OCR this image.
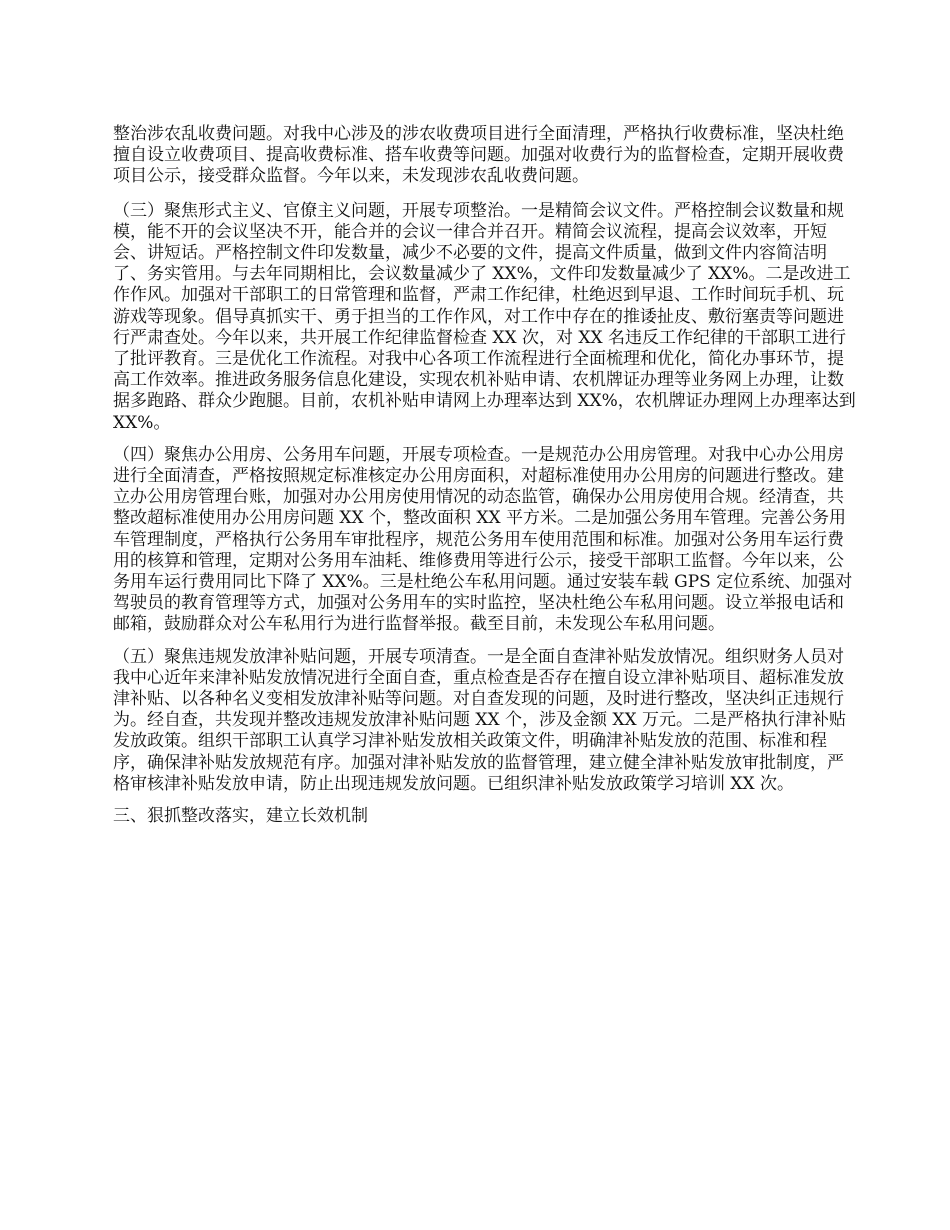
整治涉农乱收费问题。对我中心涉及的涉农收费项目进行全面清理，严格执行收费标准，坚决杜绝擅自设立收费项目、提高收费标准、搭车收费等问题。加强对收费行为的监督检查，定期开展收费项目公示，接受群众监督。今年以来，未发现涉农乱收费问题。

（三）聚焦形式主义、官僚主义问题，开展专项整治。一是精简会议文件。严格控制会议数量和规模，能不开的会议坚决不开，能合并的会议一律合并召开。精简会议流程，提高会议效率，开短会、讲短话。严格控制文件印发数量，减少不必要的文件，提高文件质量，做到文件内容简洁明了、务实管用。与去年同期相比，会议数量减少了 XX%，文件印发数量减少了 XX%。二是改进工作作风。加强对干部职工的日常管理和监督，严肃工作纪律，杜绝迟到早退、工作时间玩手机、玩游戏等现象。倡导真抓实干、勇于担当的工作作风，对工作中存在的推诿扯皮、敷衍塞责等问题进行严肃查处。今年以来，共开展工作纪律监督检查 XX 次，对 XX 名违反工作纪律的干部职工进行了批评教育。三是优化工作流程。对我中心各项工作流程进行全面梳理和优化，简化办事环节，提高工作效率。推进政务服务信息化建设，实现农机补贴申请、农机牌证办理等业务网上办理，让数据多跑路、群众少跑腿。目前，农机补贴申请网上办理率达到 XX%，农机牌证办理网上办理率达到 XX%。

（四）聚焦办公用房、公务用车问题，开展专项检查。一是规范办公用房管理。对我中心办公用房进行全面清查，严格按照规定标准核定办公用房面积，对超标准使用办公用房的问题进行整改。建立办公用房管理台账，加强对办公用房使用情况的动态监管，确保办公用房使用合规。经清查，共整改超标准使用办公用房问题 XX 个，整改面积 XX 平方米。二是加强公务用车管理。完善公务用车管理制度，严格执行公务用车审批程序，规范公务用车使用范围和标准。加强对公务用车运行费用的核算和管理，定期对公务用车油耗、维修费用等进行公示，接受干部职工监督。今年以来，公务用车运行费用同比下降了 XX%。三是杜绝公车私用问题。通过安装车载 GPS 定位系统、加强对驾驶员的教育管理等方式，加强对公务用车的实时监控，坚决杜绝公车私用问题。设立举报电话和邮箱，鼓励群众对公车私用行为进行监督举报。截至目前，未发现公车私用问题。

（五）聚焦违规发放津补贴问题，开展专项清查。一是全面自查津补贴发放情况。组织财务人员对我中心近年来津补贴发放情况进行全面自查，重点检查是否存在擅自设立津补贴项目、超标准发放津补贴、以各种名义变相发放津补贴等问题。对自查发现的问题，及时进行整改，坚决纠正违规行为。经自查，共发现并整改违规发放津补贴问题 XX 个，涉及金额 XX 万元。二是严格执行津补贴发放政策。组织干部职工认真学习津补贴发放相关政策文件，明确津补贴发放的范围、标准和程序，确保津补贴发放规范有序。加强对津补贴发放的监督管理，建立健全津补贴发放审批制度，严格审核津补贴发放申请，防止出现违规发放问题。已组织津补贴发放政策学习培训 XX 次。

三、狠抓整改落实，建立长效机制
